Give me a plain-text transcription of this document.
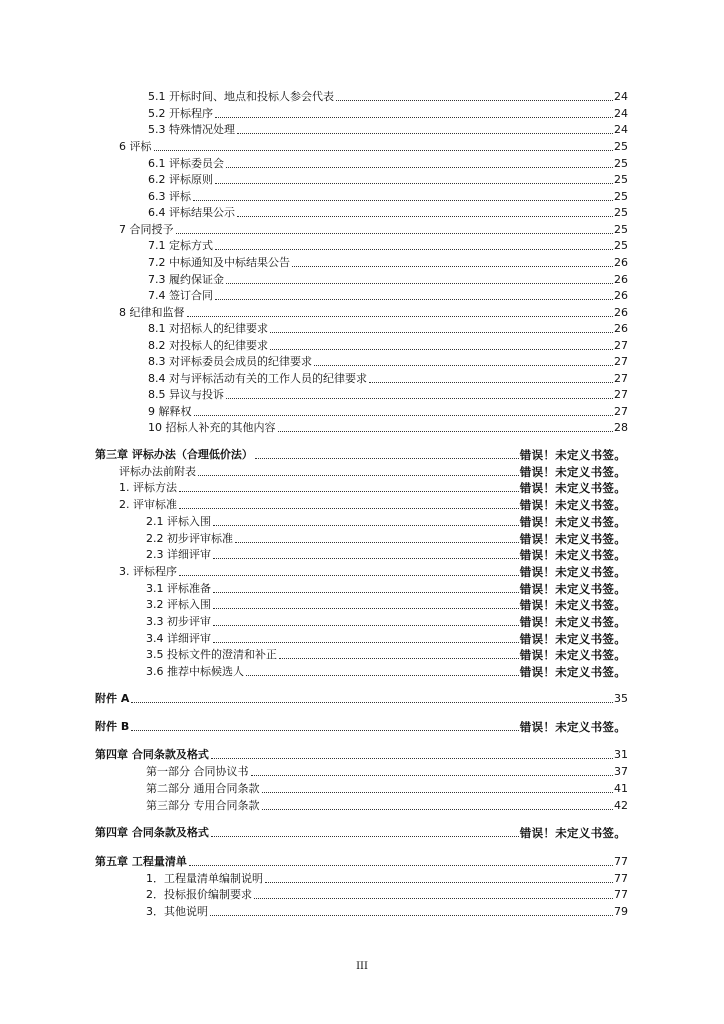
5.1 开标时间、地点和投标人参会代表	24
5.2 开标程序	24
5.3 特殊情况处理	24
6 评标	25
6.1 评标委员会	25
6.2 评标原则	25
6.3 评标	25
6.4 评标结果公示	25
7 合同授予	25
7.1 定标方式	25
7.2 中标通知及中标结果公告	26
7.3 履约保证金	26
7.4 签订合同	26
8 纪律和监督	26
8.1 对招标人的纪律要求	26
8.2 对投标人的纪律要求	27
8.3 对评标委员会成员的纪律要求	27
8.4 对与评标活动有关的工作人员的纪律要求	27
8.5 异议与投诉	27
9 解释权	27
10 招标人补充的其他内容	28
第三章 评标办法（合理低价法）	错误！未定义书签。
评标办法前附表	错误！未定义书签。
1. 评标方法	错误！未定义书签。
2. 评审标准	错误！未定义书签。
2.1 评标入围	错误！未定义书签。
2.2 初步评审标准	错误！未定义书签。
2.3 详细评审	错误！未定义书签。
3. 评标程序	错误！未定义书签。
3.1 评标准备	错误！未定义书签。
3.2 评标入围	错误！未定义书签。
3.3 初步评审	错误！未定义书签。
3.4 详细评审	错误！未定义书签。
3.5 投标文件的澄清和补正	错误！未定义书签。
3.6 推荐中标候选人	错误！未定义书签。
附件 A	35
附件 B	错误！未定义书签。
第四章 合同条款及格式	31
第一部分 合同协议书	37
第二部分 通用合同条款	41
第三部分 专用合同条款	42
第四章 合同条款及格式	错误！未定义书签。
第五章 工程量清单	77
1．工程量清单编制说明	77
2．投标报价编制要求	77
3．其他说明	79
III
